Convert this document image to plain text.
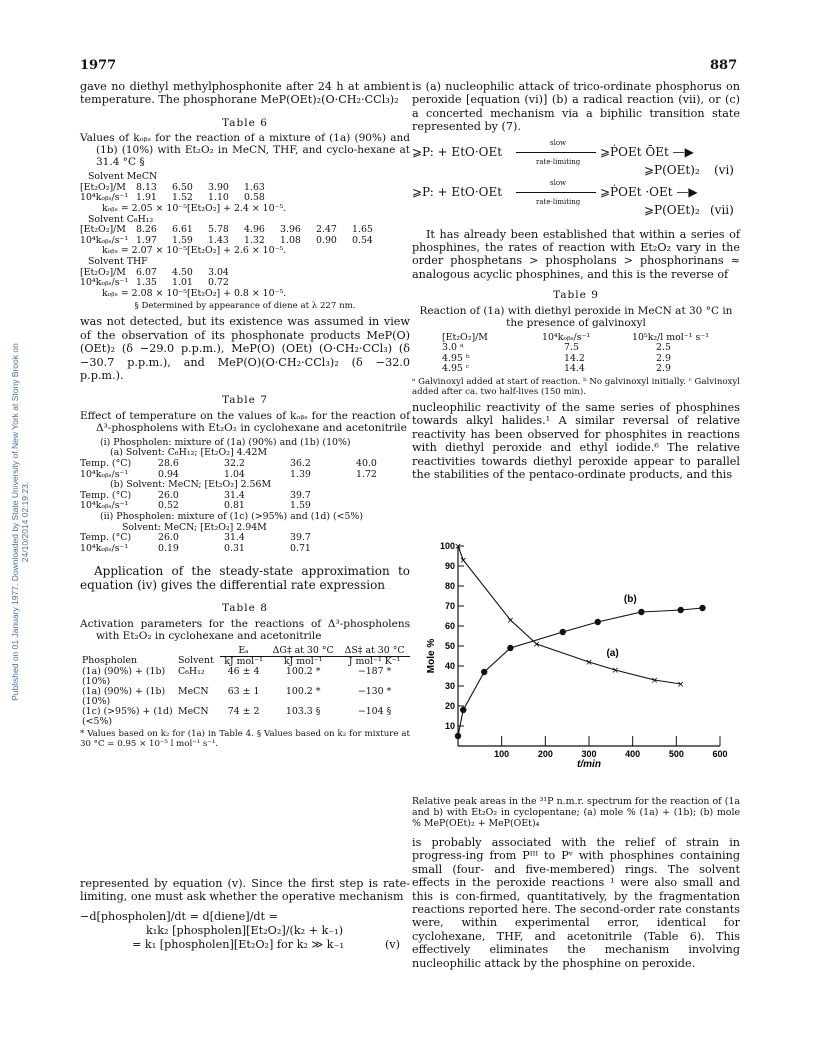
1977	887
Published on 01 January 1977. Downloaded by State University of New York at Stony Brook on 24/10/2014 02:19:23.

gave no diethyl methylphosphonite after 24 h at ambient temperature. The phosphorane MeP(OEt)₂(O·CH₂·CCl₃)₂

Table 6

Values of kₒᵦₛ for the reaction of a mixture of (1a) (90%) and (1b) (10%) with Et₂O₂ in MeCN, THF, and cyclo-hexane at 31.4 °C §

Solvent MeCN
[Et₂O₂]/M	8.13	6.50	3.90	1.63
10⁴kₒᵦₛ/s⁻¹ 1.91	1.52	1.10	0.58
kₒᵦₛ = 2.05 × 10⁻⁵[Et₂O₂] + 2.4 × 10⁻⁵.
Solvent C₆H₁₂
[Et₂O₂]/M	8.26	6.61	5.78	4.96	3.96	2.47	1.65
10⁴kₒᵦₛ/s⁻¹ 1.97	1.59	1.43	1.32	1.08	0.90	0.54
kₒᵦₛ = 2.07 × 10⁻⁵[Et₂O₂] + 2.6 × 10⁻⁵.
Solvent THF
[Et₂O₂]/M	6.07	4.50	3.04
10⁴kₒᵦₛ/s⁻¹ 1.35	1.01	0.72
kₒᵦₛ = 2.08 × 10⁻⁵[Et₂O₂] + 0.8 × 10⁻⁵.
§ Determined by appearance of diene at λ 227 nm.

was not detected, but its existence was assumed in view of the observation of its phosphonate products MeP(O) (OEt)₂ (δ −29.0 p.p.m.), MeP(O) (OEt) (O·CH₂·CCl₃) (δ −30.7 p.p.m.), and MeP(O)(O·CH₂·CCl₃)₂ (δ −32.0 p.p.m.).

Table 7

Effect of temperature on the values of kₒᵦₛ for the reaction of Δ³-phospholens with Et₂O₂ in cyclohexane and acetonitrile

(i) Phospholen: mixture of (1a) (90%) and (1b) (10%)
(a) Solvent: C₆H₁₂; [Et₂O₂] 4.42M
Temp. (°C)	28.6	32.2	36.2	40.0
10⁴kₒᵦₛ/s⁻¹	0.94	1.04	1.39	1.72
(b) Solvent: MeCN; [Et₂O₂] 2.56M
Temp. (°C)	26.0	31.4	39.7
10⁴kₒᵦₛ/s⁻¹	0.52	0.81	1.59
(ii) Phospholen: mixture of (1c) (>95%) and (1d) (<5%)
Solvent: MeCN; [Et₂O₂] 2.94M
Temp. (°C)	26.0	31.4	39.7
10⁴kₒᵦₛ/s⁻¹	0.19	0.31	0.71

Application of the steady-state approximation to equation (iv) gives the differential rate expression

Table 8

Activation parameters for the reactions of Δ³-phospholens with Et₂O₂ in cyclohexane and acetonitrile

		Eₐ	ΔG‡ at 30 °C	ΔS‡ at 30 °C
Phospholen	Solvent	kJ mol⁻¹	kJ mol⁻¹	J mol⁻¹ K⁻¹
(1a) (90%) + (1b) (10%)	C₆H₁₂	46 ± 4	100.2 *	−187 *
(1a) (90%) + (1b) (10%)	MeCN	63 ± 1	100.2 *	−130 *
(1c) (>95%) + (1d) (<5%)	MeCN	74 ± 2	103.3 §	−104 §

* Values based on k₂ for (1a) in Table 4. § Values based on k₂ for mixture at 30 °C = 0.95 × 10⁻⁵ l mol⁻¹ s⁻¹.

represented by equation (v). Since the first step is rate-limiting, one must ask whether the operative mechanism

−d[phospholen]/dt = d[diene]/dt =
k₁k₂ [phospholen][Et₂O₂]/(k₂ + k₋₁)
= k₁ [phospholen][Et₂O₂] for k₂ ≫ k₋₁	(v)

is (a) nucleophilic attack of trico-ordinate phosphorus on peroxide [equation (vi)] (b) a radical reaction (vii), or (c) a concerted mechanism via a biphilic transition state represented by (7).

⩾P: + EtO·OEt
slow
rate-limiting
⩾ṖOEt ŌEt —▶
⩾P(OEt)₂ (vi)
⩾P: + EtO·OEt
slow
rate-limiting
⩾ṖOEt ·OEt —▶
⩾P(OEt)₂ (vii)

It has already been established that within a series of phosphines, the rates of reaction with Et₂O₂ vary in the order phosphetans > phospholans > phosphorinans ≈ analogous acyclic phosphines, and this is the reverse of

Table 9

Reaction of (1a) with diethyl peroxide in MeCN at 30 °C in the presence of galvinoxyl

[Et₂O₂]/M	10⁴kₒᵦₛ/s⁻¹	10⁵k₂/l mol⁻¹ s⁻¹
3.0 ᵃ	7.5	2.5
4.95 ᵇ	14.2	2.9
4.95 ᶜ	14.4	2.9

ᵃ Galvinoxyl added at start of reaction. ᵇ No galvinoxyl initially. ᶜ Galvinoxyl added after ca. two half-lives (150 min).

nucleophilic reactivity of the same series of phosphines towards alkyl halides.¹ A similar reversal of relative reactivity has been observed for phosphites in reactions with diethyl peroxide and ethyl iodide.⁶ The relative reactivities towards diethyl peroxide appear to parallel the stabilities of the pentaco-ordinate products, and this

10
20
30
40
50
60
70
80
90
100
100	200	300	400	500	600
t/min
Mole %
×
×
×
×
×
×
× ×
(a)
(b)
Relative peak areas in the ³¹P n.m.r. spectrum for the reaction of (1a and b) with Et₂O₂ in cyclopentane; (a) mole % (1a) + (1b); (b) mole % MeP(OEt)₂ + MeP(OEt)₄
is probably associated with the relief of strain in progress-ing from Pᴵᴵᴵ to Pᵛ with phosphines containing small (four- and five-membered) rings. The solvent effects in the peroxide reactions ¹ were also small and this is con-firmed, quantitatively, by the fragmentation reactions reported here. The second-order rate constants were, within experimental error, identical for cyclohexane, THF, and acetonitrile (Table 6). This effectively eliminates the mechanism involving nucleophilic attack by the phosphine on peroxide.
